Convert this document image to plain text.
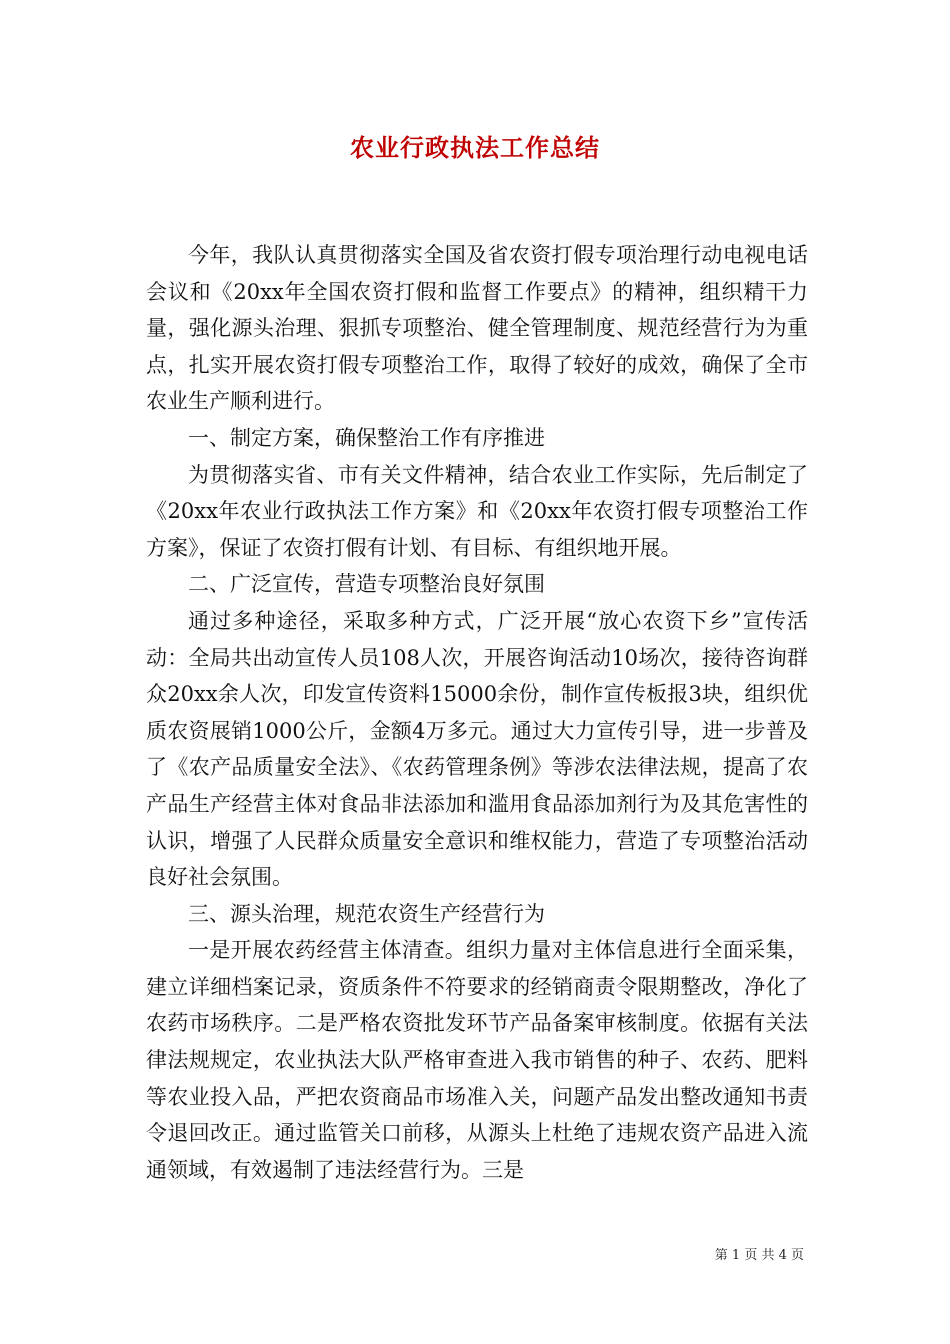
农业行政执法工作总结

今年，我队认真贯彻落实全国及省农资打假专项治理行动电视电话会议和《20xx年全国农资打假和监督工作要点》的精神，组织精干力量，强化源头治理、狠抓专项整治、健全管理制度、规范经营行为为重点，扎实开展农资打假专项整治工作，取得了较好的成效，确保了全市农业生产顺利进行。

一、制定方案，确保整治工作有序推进

为贯彻落实省、市有关文件精神，结合农业工作实际，先后制定了《20xx年农业行政执法工作方案》和《20xx年农资打假专项整治工作方案》，保证了农资打假有计划、有目标、有组织地开展。

二、广泛宣传，营造专项整治良好氛围

通过多种途径，采取多种方式，广泛开展“放心农资下乡”宣传活动：全局共出动宣传人员108人次，开展咨询活动10场次，接待咨询群众20xx余人次，印发宣传资料15000余份，制作宣传板报3块，组织优质农资展销1000公斤，金额4万多元。通过大力宣传引导，进一步普及了《农产品质量安全法》、《农药管理条例》等涉农法律法规，提高了农产品生产经营主体对食品非法添加和滥用食品添加剂行为及其危害性的认识，增强了人民群众质量安全意识和维权能力，营造了专项整治活动良好社会氛围。

三、源头治理，规范农资生产经营行为

一是开展农药经营主体清查。组织力量对主体信息进行全面采集，建立详细档案记录，资质条件不符要求的经销商责令限期整改，净化了农药市场秩序。二是严格农资批发环节产品备案审核制度。依据有关法律法规规定，农业执法大队严格审查进入我市销售的种子、农药、肥料等农业投入品，严把农资商品市场准入关，问题产品发出整改通知书责令退回改正。通过监管关口前移，从源头上杜绝了违规农资产品进入流通领域，有效遏制了违法经营行为。三是

第 1 页 共 4 页
